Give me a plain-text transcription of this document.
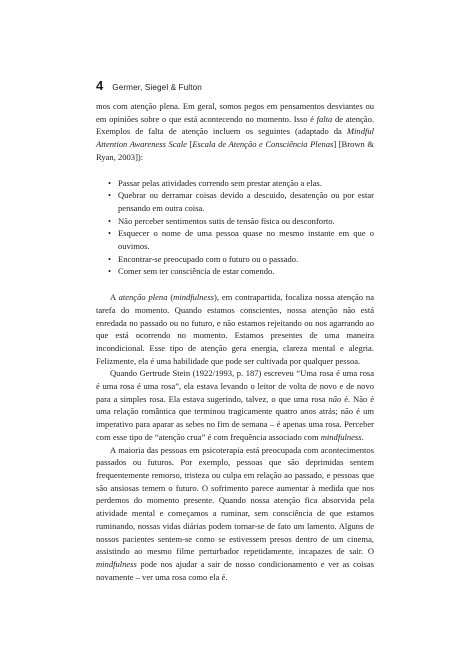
4 Germer, Siegel & Fulton

mos com atenção plena. Em geral, somos pegos em pensamentos desviantes ou em opiniões sobre o que está acontecendo no momento. Isso é falta de atenção. Exemplos de falta de atenção incluem os seguintes (adaptado da Mindful Attention Awareness Scale [Escala de Atenção e Consciência Plenas] [Brown & Ryan, 2003]):

• Passar pelas atividades correndo sem prestar atenção a elas.
• Quebrar ou derramar coisas devido a descuido, desatenção ou por estar pensando em outra coisa.
• Não perceber sentimentos sutis de tensão física ou desconforto.
• Esquecer o nome de uma pessoa quase no mesmo instante em que o ouvimos.
• Encontrar-se preocupado com o futuro ou o passado.
• Comer sem ter consciência de estar comendo.

A atenção plena (mindfulness), em contrapartida, focaliza nossa atenção na tarefa do momento. Quando estamos conscientes, nossa atenção não está enredada no passado ou no futuro, e não estamos rejeitando ou nos agarrando ao que está ocorrendo no momento. Estamos presentes de uma maneira incondicional. Esse tipo de atenção gera energia, clareza mental e alegria. Felizmente, ela é uma habilidade que pode ser cultivada por qualquer pessoa.

Quando Gertrude Stein (1922/1993, p. 187) escreveu “Uma rosa é uma rosa é uma rosa é uma rosa”, ela estava levando o leitor de volta de novo e de novo para a simples rosa. Ela estava sugerindo, talvez, o que uma rosa não é. Não é uma relação romântica que terminou tragicamente quatro anos atrás; não é um imperativo para aparar as sebes no fim de semana – é apenas uma rosa. Perceber com esse tipo de “atenção crua” é com frequência associado com mindfulness.

A maioria das pessoas em psicoterapia está preocupada com acontecimentos passados ou futuros. Por exemplo, pessoas que são deprimidas sentem frequentemente remorso, tristeza ou culpa em relação ao passado, e pessoas que são ansiosas temem o futuro. O sofrimento parece aumentar à medida que nos perdemos do momento presente. Quando nossa atenção fica absorvida pela atividade mental e começamos a ruminar, sem consciência de que estamos ruminando, nossas vidas diárias podem tornar-se de fato um lamento. Alguns de nossos pacientes sentem-se como se estivessem presos dentro de um cinema, assistindo ao mesmo filme perturbador repetidamente, incapazes de sair. O mindfulness pode nos ajudar a sair de nosso condicionamento e ver as coisas novamente – ver uma rosa como ela é.
